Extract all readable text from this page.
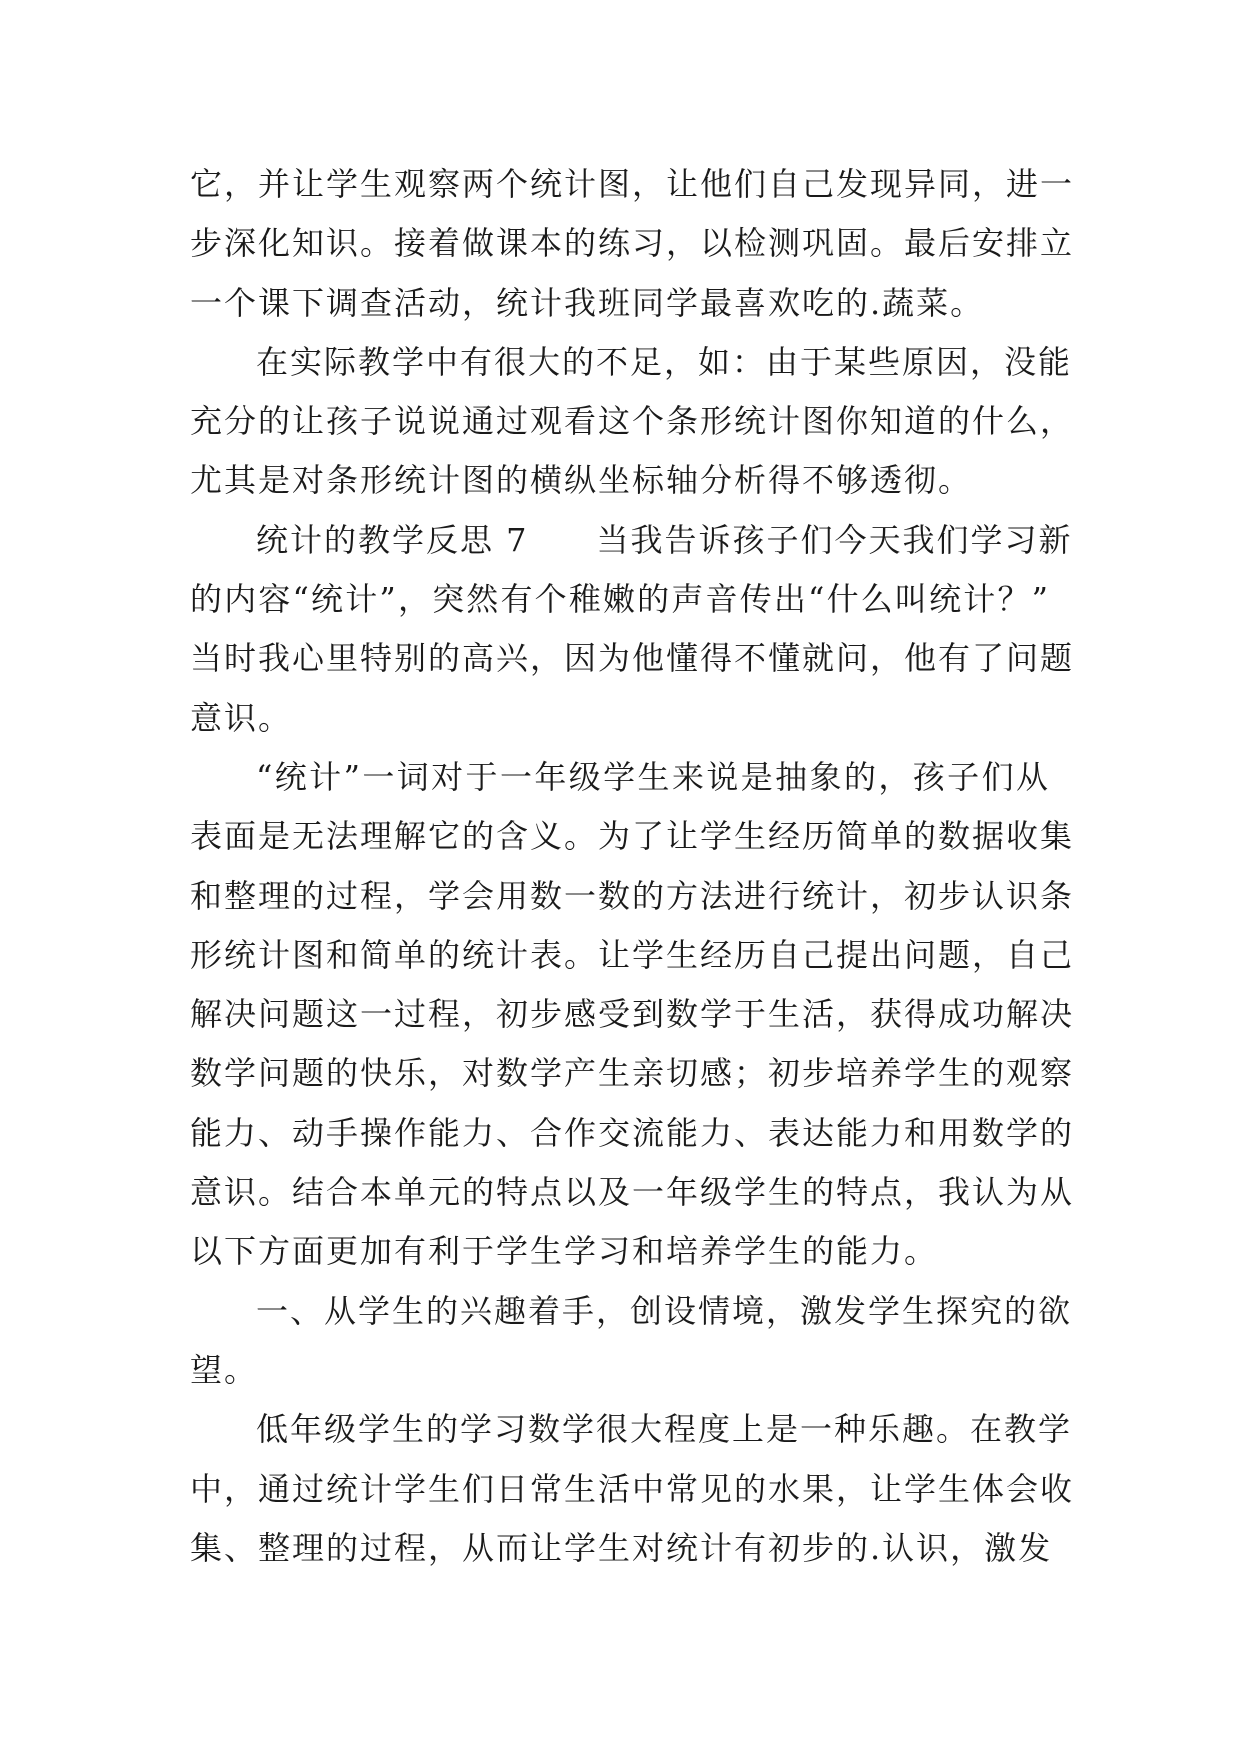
它，并让学生观察两个统计图，让他们自己发现异同，进一
步深化知识。接着做课本的练习，以检测巩固。最后安排立
一个课下调查活动，统计我班同学最喜欢吃的.蔬菜。
在实际教学中有很大的不足，如：由于某些原因，没能
充分的让孩子说说通过观看这个条形统计图你知道的什么，
尤其是对条形统计图的横纵坐标轴分析得不够透彻。
统计的教学反思 7　　当我告诉孩子们今天我们学习新
的内容“统计”，突然有个稚嫩的声音传出“什么叫统计？”
当时我心里特别的高兴，因为他懂得不懂就问，他有了问题
意识。
“统计”一词对于一年级学生来说是抽象的，孩子们从
表面是无法理解它的含义。为了让学生经历简单的数据收集
和整理的过程，学会用数一数的方法进行统计，初步认识条
形统计图和简单的统计表。让学生经历自己提出问题，自己
解决问题这一过程，初步感受到数学于生活，获得成功解决
数学问题的快乐，对数学产生亲切感；初步培养学生的观察
能力、动手操作能力、合作交流能力、表达能力和用数学的
意识。结合本单元的特点以及一年级学生的特点，我认为从
以下方面更加有利于学生学习和培养学生的能力。
一、从学生的兴趣着手，创设情境，激发学生探究的欲
望。
低年级学生的学习数学很大程度上是一种乐趣。在教学
中，通过统计学生们日常生活中常见的水果，让学生体会收
集、整理的过程，从而让学生对统计有初步的.认识，激发
